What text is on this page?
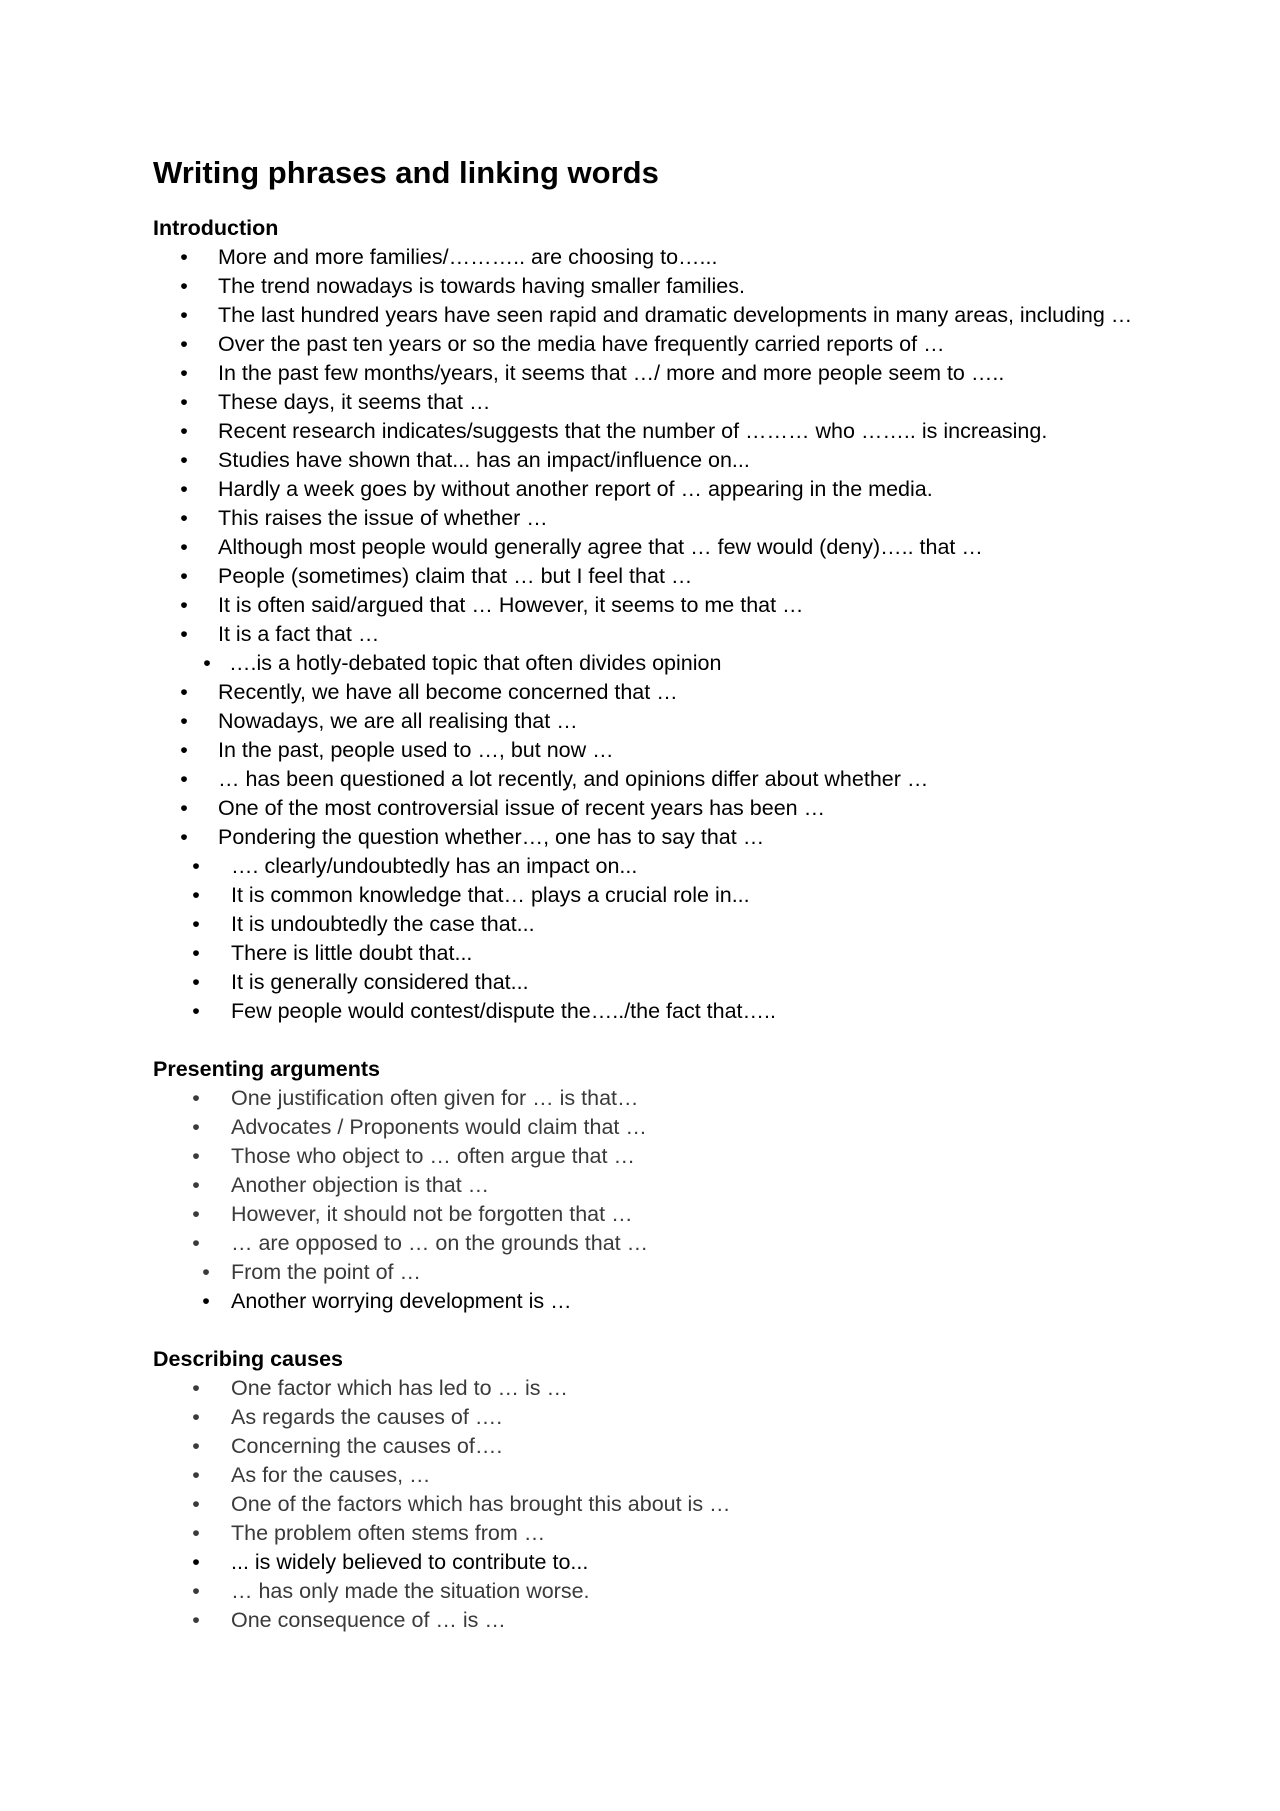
Writing phrases and linking words
Introduction
• More and more families/……….. are choosing to…...
• The trend nowadays is towards having smaller families.
• The last hundred years have seen rapid and dramatic developments in many areas, including …
• Over the past ten years or so the media have frequently carried reports of …
• In the past few months/years, it seems that …/ more and more people seem to …..
• These days, it seems that …
• Recent research indicates/suggests that the number of ……… who …….. is increasing.
• Studies have shown that... has an impact/influence on...
• Hardly a week goes by without another report of … appearing in the media.
• This raises the issue of whether …
• Although most people would generally agree that … few would (deny)….. that …
• People (sometimes) claim that … but I feel that …
• It is often said/argued that … However, it seems to me that …
• It is a fact that …
• ….is a hotly-debated topic that often divides opinion
• Recently, we have all become concerned that …
• Nowadays, we are all realising that …
• In the past, people used to …, but now …
• … has been questioned a lot recently, and opinions differ about whether …
• One of the most controversial issue of recent years has been …
• Pondering the question whether…, one has to say that …
• …. clearly/undoubtedly has an impact on...
• It is common knowledge that… plays a crucial role in...
• It is undoubtedly the case that...
• There is little doubt that...
• It is generally considered that...
• Few people would contest/dispute the…../the fact that…..
Presenting arguments
• One justification often given for … is that…
• Advocates / Proponents would claim that …
• Those who object to … often argue that …
• Another objection is that …
• However, it should not be forgotten that …
• … are opposed to … on the grounds that …
• From the point of …
• Another worrying development is …
Describing causes
• One factor which has led to … is …
• As regards the causes of ….
• Concerning the causes of….
• As for the causes, …
• One of the factors which has brought this about is …
• The problem often stems from …
• ... is widely believed to contribute to...
• … has only made the situation worse.
• One consequence of … is …
